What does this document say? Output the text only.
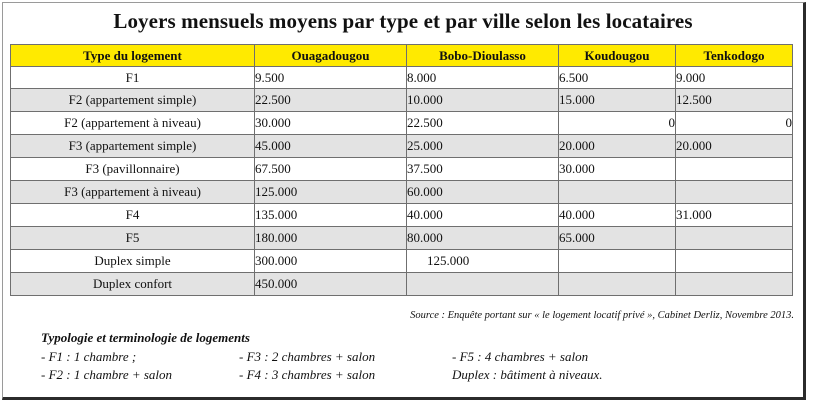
Loyers mensuels moyens par type et par ville selon les locataires
Type du logement	Ouagadougou	Bobo-Dioulasso	Koudougou	Tenkodogo
F1	9.500	8.000	6.500	9.000
F2 (appartement simple)	22.500	10.000	15.000	12.500
F2 (appartement à niveau)	30.000	22.500	0	0
F3 (appartement simple)	45.000	25.000	20.000	20.000
F3 (pavillonnaire)	67.500	37.500	30.000	
F3 (appartement à niveau)	125.000	60.000		
F4	135.000	40.000	40.000	31.000
F5	180.000	80.000	65.000	
Duplex simple	300.000	125.000		
Duplex confort	450.000			
Source : Enquête portant sur « le logement locatif privé », Cabinet Derliz, Novembre 2013.
Typologie et terminologie de logements
- F1 : 1 chambre ;
- F2 : 1 chambre + salon
- F3 : 2 chambres + salon
- F4 : 3 chambres + salon
- F5 : 4 chambres + salon
Duplex : bâtiment à niveaux.
